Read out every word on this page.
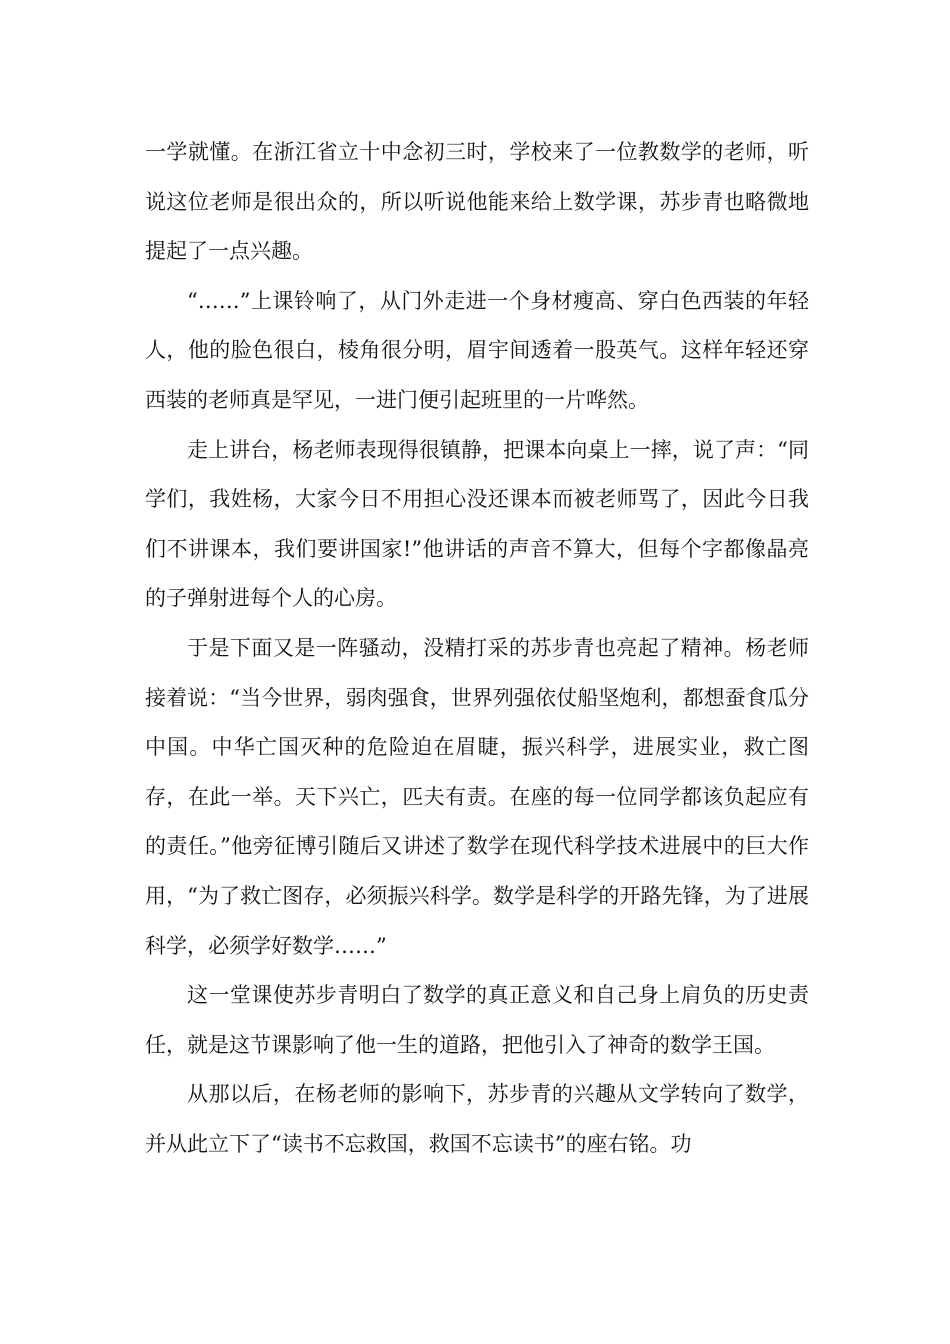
一学就懂。在浙江省立十中念初三时，学校来了一位教数学的老师，听说这位老师是很出众的，所以听说他能来给上数学课，苏步青也略微地提起了一点兴趣。

“……”上课铃响了，从门外走进一个身材瘦高、穿白色西装的年轻人，他的脸色很白，棱角很分明，眉宇间透着一股英气。这样年轻还穿西装的老师真是罕见，一进门便引起班里的一片哗然。

走上讲台，杨老师表现得很镇静，把课本向桌上一摔，说了声：“同学们，我姓杨，大家今日不用担心没还课本而被老师骂了，因此今日我们不讲课本，我们要讲国家!”他讲话的声音不算大，但每个字都像晶亮的子弹射进每个人的心房。

于是下面又是一阵骚动，没精打采的苏步青也亮起了精神。杨老师接着说：“当今世界，弱肉强食，世界列强依仗船坚炮利，都想蚕食瓜分中国。中华亡国灭种的危险迫在眉睫，振兴科学，进展实业，救亡图存，在此一举。天下兴亡，匹夫有责。在座的每一位同学都该负起应有的责任。”他旁征博引随后又讲述了数学在现代科学技术进展中的巨大作用，“为了救亡图存，必须振兴科学。数学是科学的开路先锋，为了进展科学，必须学好数学……”

这一堂课使苏步青明白了数学的真正意义和自己身上肩负的历史责任，就是这节课影响了他一生的道路，把他引入了神奇的数学王国。

从那以后，在杨老师的影响下，苏步青的兴趣从文学转向了数学，并从此立下了“读书不忘救国，救国不忘读书”的座右铭。功
